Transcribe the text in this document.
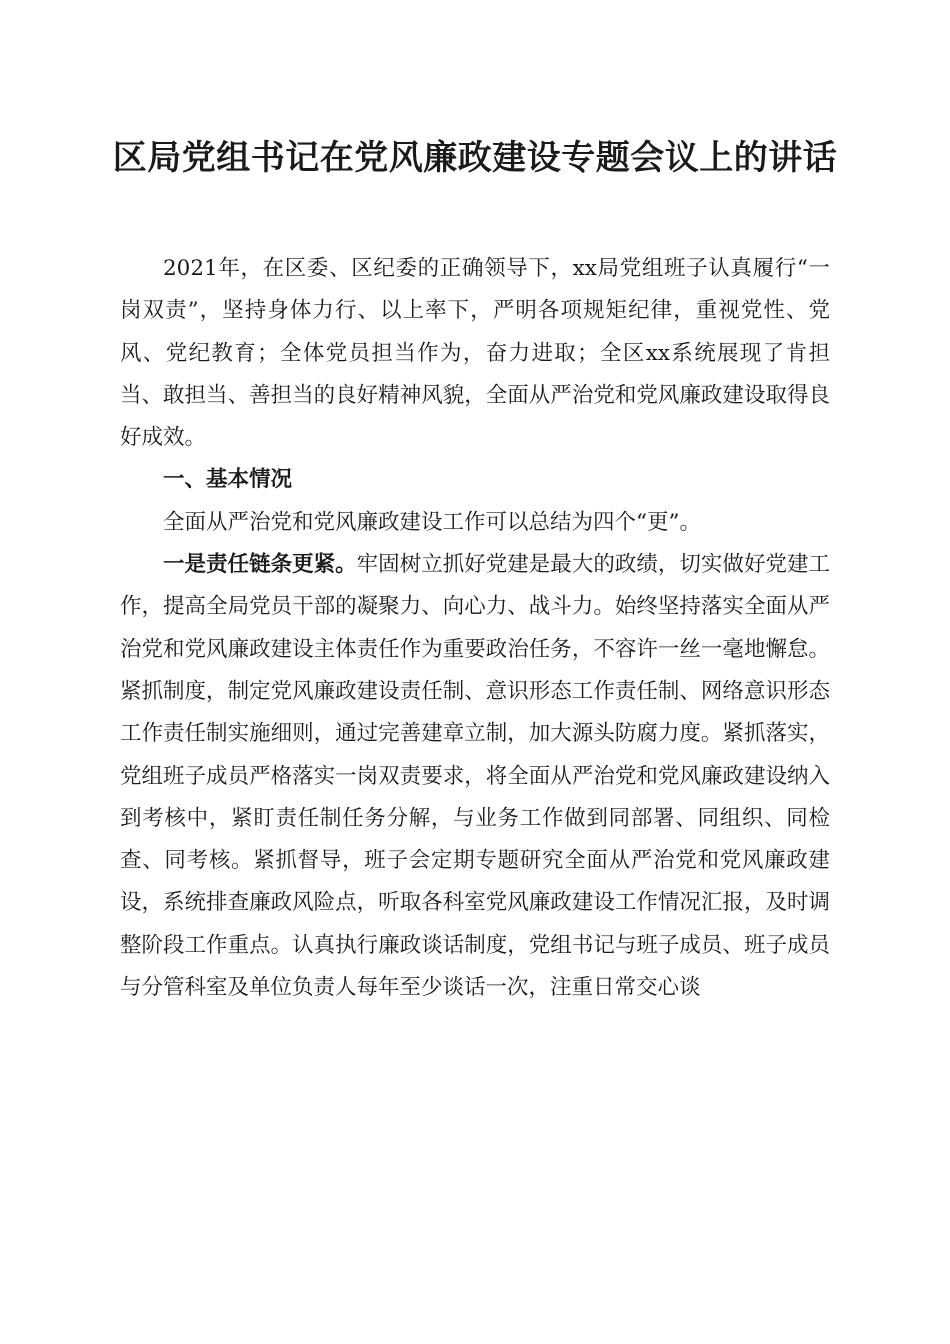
区局党组书记在党风廉政建设专题会议上的讲话

2021年，在区委、区纪委的正确领导下，xx局党组班子认真履行“一岗双责”，坚持身体力行、以上率下，严明各项规矩纪律，重视党性、党风、党纪教育；全体党员担当作为，奋力进取；全区xx系统展现了肯担当、敢担当、善担当的良好精神风貌，全面从严治党和党风廉政建设取得良好成效。

一、基本情况

全面从严治党和党风廉政建设工作可以总结为四个“更”。

一是责任链条更紧。牢固树立抓好党建是最大的政绩，切实做好党建工作，提高全局党员干部的凝聚力、向心力、战斗力。始终坚持落实全面从严治党和党风廉政建设主体责任作为重要政治任务，不容许一丝一毫地懈怠。紧抓制度，制定党风廉政建设责任制、意识形态工作责任制、网络意识形态工作责任制实施细则，通过完善建章立制，加大源头防腐力度。紧抓落实，党组班子成员严格落实一岗双责要求，将全面从严治党和党风廉政建设纳入到考核中，紧盯责任制任务分解，与业务工作做到同部署、同组织、同检查、同考核。紧抓督导，班子会定期专题研究全面从严治党和党风廉政建设，系统排查廉政风险点，听取各科室党风廉政建设工作情况汇报，及时调整阶段工作重点。认真执行廉政谈话制度，党组书记与班子成员、班子成员与分管科室及单位负责人每年至少谈话一次，注重日常交心谈
